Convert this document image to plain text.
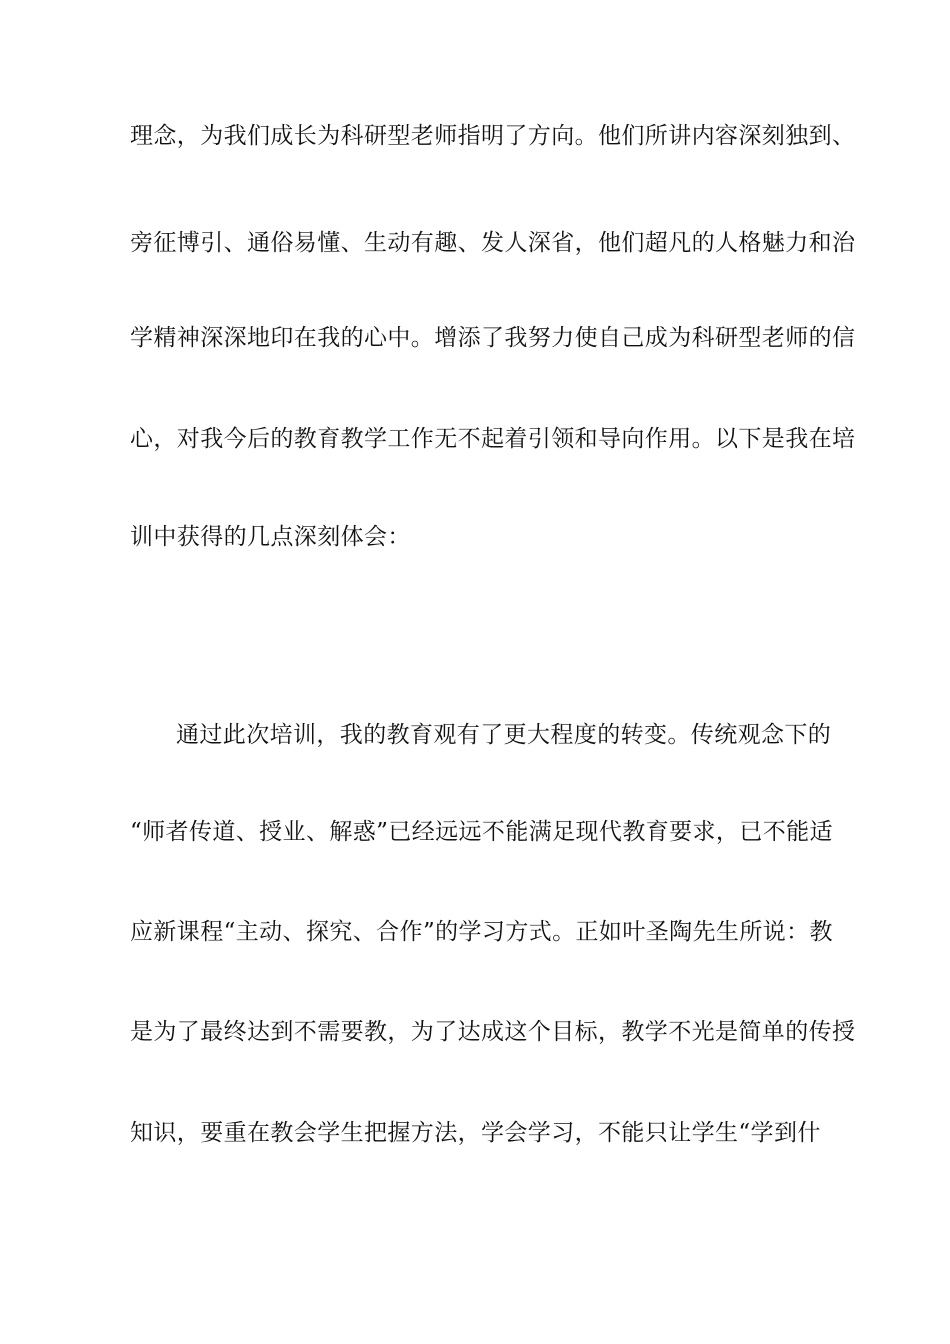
理念，为我们成长为科研型老师指明了方向。他们所讲内容深刻独到、
旁征博引、通俗易懂、生动有趣、发人深省，他们超凡的人格魅力和治
学精神深深地印在我的心中。增添了我努力使自己成为科研型老师的信
心，对我今后的教育教学工作无不起着引领和导向作用。以下是我在培
训中获得的几点深刻体会：
通过此次培训，我的教育观有了更大程度的转变。传统观念下的
“师者传道、授业、解惑”已经远远不能满足现代教育要求，已不能适
应新课程“主动、探究、合作”的学习方式。正如叶圣陶先生所说：教
是为了最终达到不需要教，为了达成这个目标，教学不光是简单的传授
知识，要重在教会学生把握方法，学会学习，不能只让学生“学到什
